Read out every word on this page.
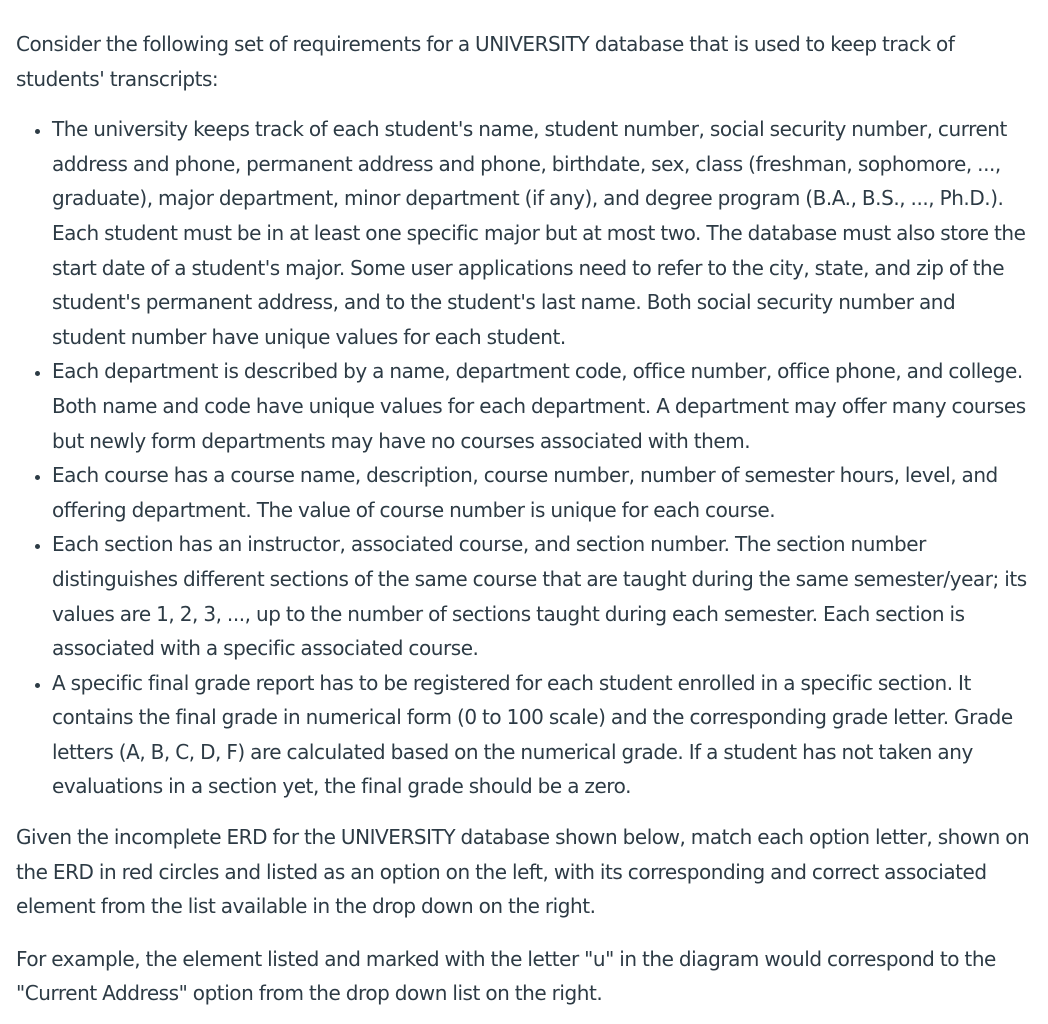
Consider the following set of requirements for a UNIVERSITY database that is used to keep track of students' transcripts:

• The university keeps track of each student's name, student number, social security number, current address and phone, permanent address and phone, birthdate, sex, class (freshman, sophomore, ..., graduate), major department, minor department (if any), and degree program (B.A., B.S., ..., Ph.D.). Each student must be in at least one specific major but at most two. The database must also store the start date of a student's major. Some user applications need to refer to the city, state, and zip of the student's permanent address, and to the student's last name. Both social security number and student number have unique values for each student.
• Each department is described by a name, department code, office number, office phone, and college. Both name and code have unique values for each department. A department may offer many courses but newly form departments may have no courses associated with them.
• Each course has a course name, description, course number, number of semester hours, level, and offering department. The value of course number is unique for each course.
• Each section has an instructor, associated course, and section number. The section number distinguishes different sections of the same course that are taught during the same semester/year; its values are 1, 2, 3, ..., up to the number of sections taught during each semester. Each section is associated with a specific associated course.
• A specific final grade report has to be registered for each student enrolled in a specific section. It contains the final grade in numerical form (0 to 100 scale) and the corresponding grade letter. Grade letters (A, B, C, D, F) are calculated based on the numerical grade. If a student has not taken any evaluations in a section yet, the final grade should be a zero.

Given the incomplete ERD for the UNIVERSITY database shown below, match each option letter, shown on the ERD in red circles and listed as an option on the left, with its corresponding and correct associated element from the list available in the drop down on the right.

For example, the element listed and marked with the letter "u" in the diagram would correspond to the "Current Address" option from the drop down list on the right.
